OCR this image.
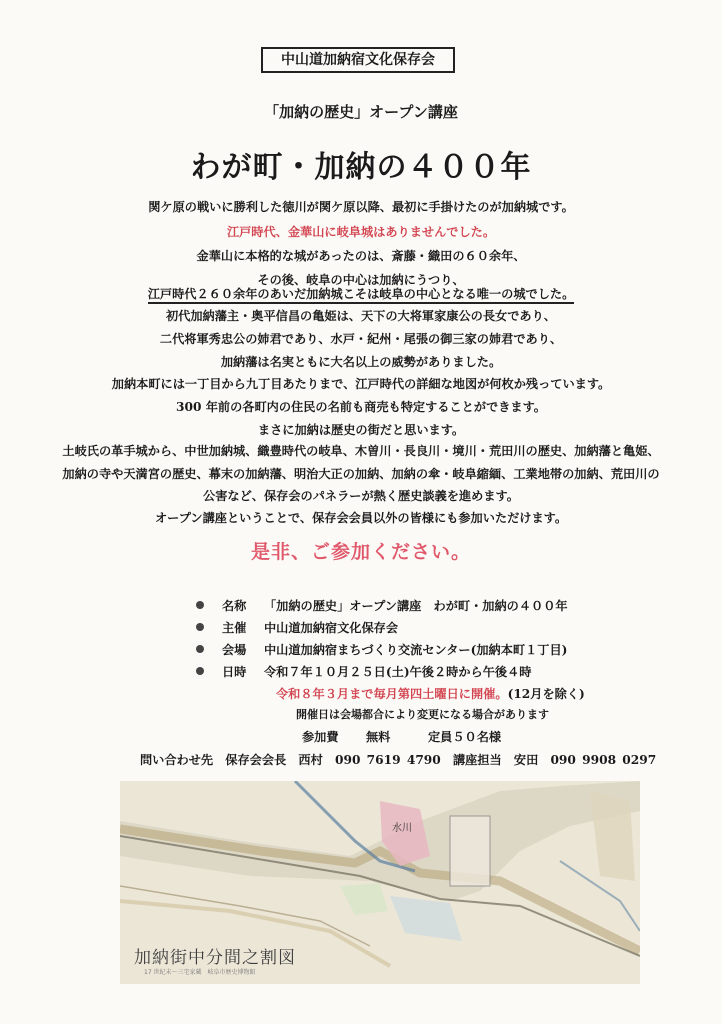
中山道加納宿文化保存会
「加納の歴史」オープン講座
わが町・加納の４００年
関ケ原の戦いに勝利した徳川が関ケ原以降、最初に手掛けたのが加納城です。
江戸時代、金華山に岐阜城はありませんでした。
金華山に本格的な城があったのは、斎藤・織田の６０余年、
その後、岐阜の中心は加納にうつり、
江戸時代２６０余年のあいだ加納城こそは岐阜の中心となる唯一の城でした。
初代加納藩主・奥平信昌の亀姫は、天下の大将軍家康公の長女であり、
二代将軍秀忠公の姉君であり、水戸・紀州・尾張の御三家の姉君であり、
加納藩は名実ともに大名以上の威勢がありました。
加納本町には一丁目から九丁目あたりまで、江戸時代の詳細な地図が何枚か残っています。
300 年前の各町内の住民の名前も商売も特定することができます。
まさに加納は歴史の街だと思います。
土岐氏の革手城から、中世加納城、織豊時代の岐阜、木曽川・長良川・境川・荒田川の歴史、加納藩と亀姫、
加納の寺や天満宮の歴史、幕末の加納藩、明治大正の加納、加納の傘・岐阜縮緬、工業地帯の加納、荒田川の
公害など、保存会のパネラーが熱く歴史談義を進めます。
オープン講座ということで、保存会会員以外の皆様にも参加いただけます。
是非、ご参加ください。
名称 「加納の歴史」オープン講座　わが町・加納の４００年
主催 中山道加納宿文化保存会
会場 中山道加納宿まちづくり交流センター(加納本町１丁目)
日時 令和７年１０月２５日(土)午後２時から午後４時
令和８年３月まで毎月第四土曜日に開催。(12月を除く)
開催日は会場都合により変更になる場合があります
参加費 無料	定員５０名様
問い合わせ先　保存会会長　西村　090 7619 4790　講座担当　安田　090 9908 0297
水川
加納街中分間之割図
17 世紀末〜三宅家蔵　岐阜市歴史博物館
